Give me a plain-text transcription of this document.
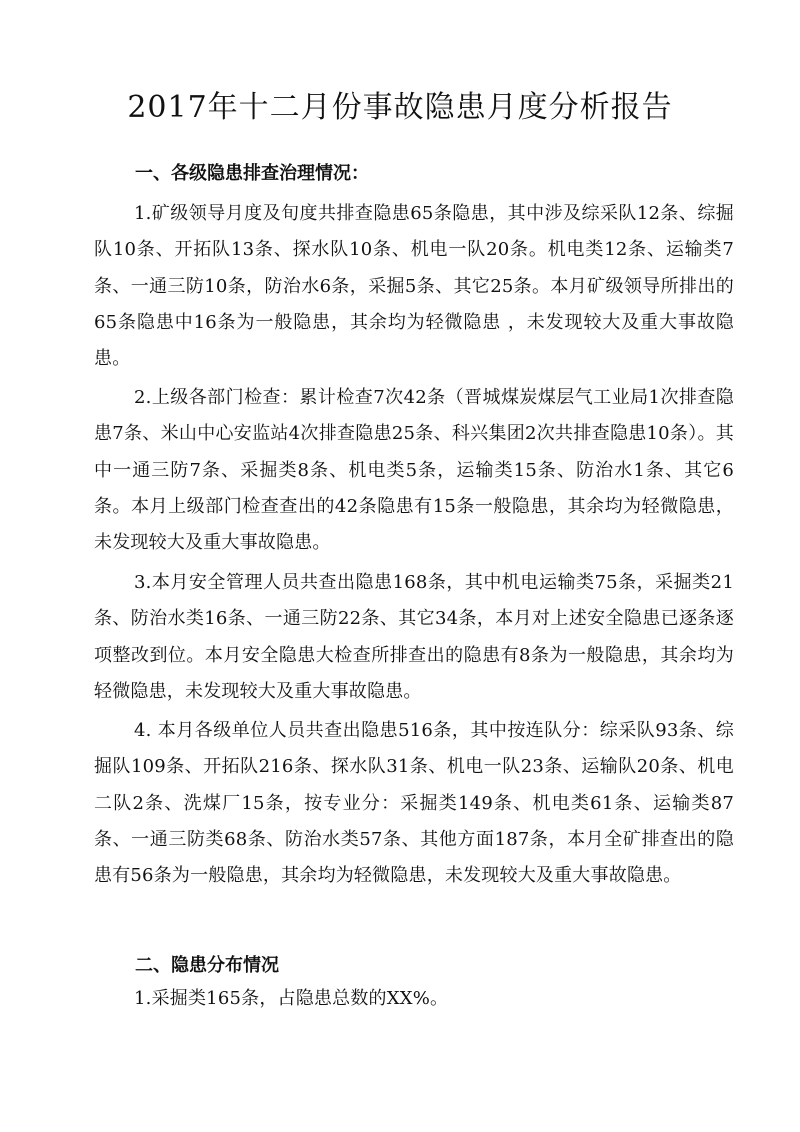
2017年十二月份事故隐患月度分析报告
一、各级隐患排查治理情况：

1.矿级领导月度及旬度共排查隐患65条隐患，其中涉及综采队12条、综掘队10条、开拓队13条、探水队10条、机电一队20条。机电类12条、运输类7条、一通三防10条，防治水6条，采掘5条、其它25条。本月矿级领导所排出的65条隐患中16条为一般隐患，其余均为轻微隐患 ，未发现较大及重大事故隐患。

2.上级各部门检查：累计检查7次42条（晋城煤炭煤层气工业局1次排查隐患7条、米山中心安监站4次排查隐患25条、科兴集团2次共排查隐患10条）。其中一通三防7条、采掘类8条、机电类5条，运输类15条、防治水1条、其它6条。本月上级部门检查查出的42条隐患有15条一般隐患，其余均为轻微隐患，未发现较大及重大事故隐患。

3.本月安全管理人员共查出隐患168条，其中机电运输类75条，采掘类21条、防治水类16条、一通三防22条、其它34条，本月对上述安全隐患已逐条逐项整改到位。本月安全隐患大检查所排查出的隐患有8条为一般隐患，其余均为轻微隐患，未发现较大及重大事故隐患。

4. 本月各级单位人员共查出隐患516条，其中按连队分：综采队93条、综掘队109条、开拓队216条、探水队31条、机电一队23条、运输队20条、机电二队2条、洗煤厂15条，按专业分：采掘类149条、机电类61条、运输类87条、一通三防类68条、防治水类57条、其他方面187条，本月全矿排查出的隐患有56条为一般隐患，其余均为轻微隐患，未发现较大及重大事故隐患。

二、隐患分布情况

1.采掘类165条，占隐患总数的XX%。
